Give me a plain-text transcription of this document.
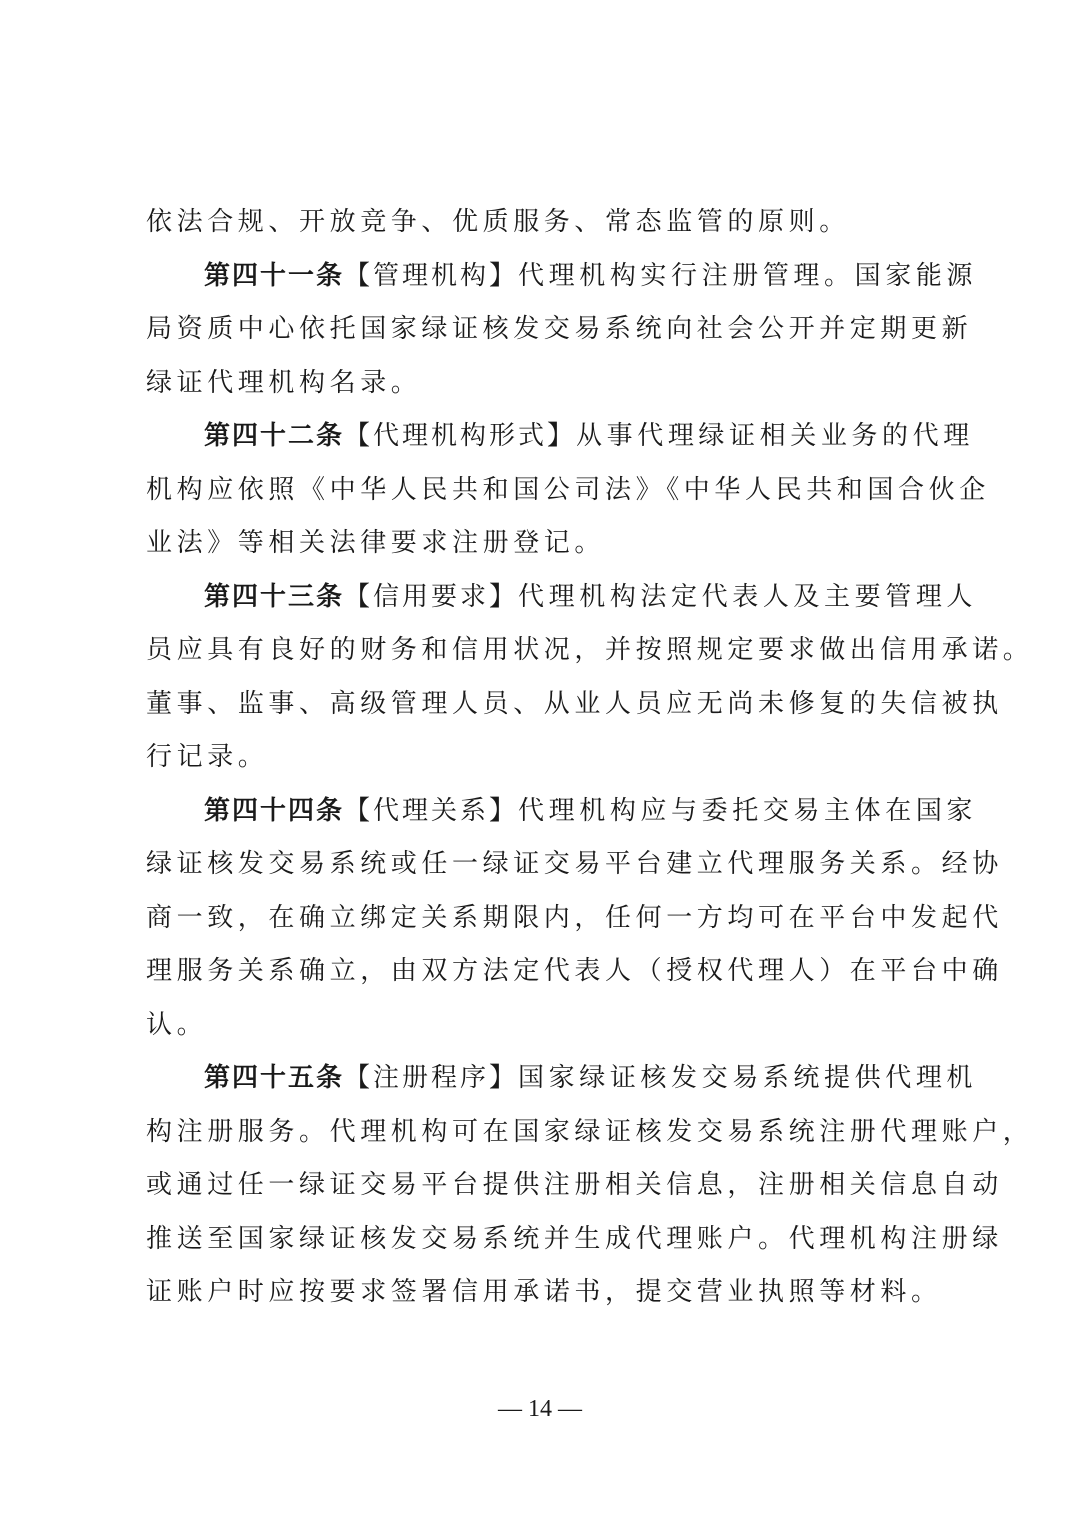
依法合规、开放竞争、优质服务、常态监管的原则。
第四十一条【管理机构】代理机构实行注册管理。国家能源
局资质中心依托国家绿证核发交易系统向社会公开并定期更新
绿证代理机构名录。
第四十二条【代理机构形式】从事代理绿证相关业务的代理
机构应依照《中华人民共和国公司法》《中华人民共和国合伙企
业法》等相关法律要求注册登记。
第四十三条【信用要求】代理机构法定代表人及主要管理人
员应具有良好的财务和信用状况，并按照规定要求做出信用承诺。
董事、监事、高级管理人员、从业人员应无尚未修复的失信被执
行记录。
第四十四条【代理关系】代理机构应与委托交易主体在国家
绿证核发交易系统或任一绿证交易平台建立代理服务关系。经协
商一致，在确立绑定关系期限内，任何一方均可在平台中发起代
理服务关系确立，由双方法定代表人（授权代理人）在平台中确
认。
第四十五条【注册程序】国家绿证核发交易系统提供代理机
构注册服务。代理机构可在国家绿证核发交易系统注册代理账户，
或通过任一绿证交易平台提供注册相关信息，注册相关信息自动
推送至国家绿证核发交易系统并生成代理账户。代理机构注册绿
证账户时应按要求签署信用承诺书，提交营业执照等材料。
— 14 —
